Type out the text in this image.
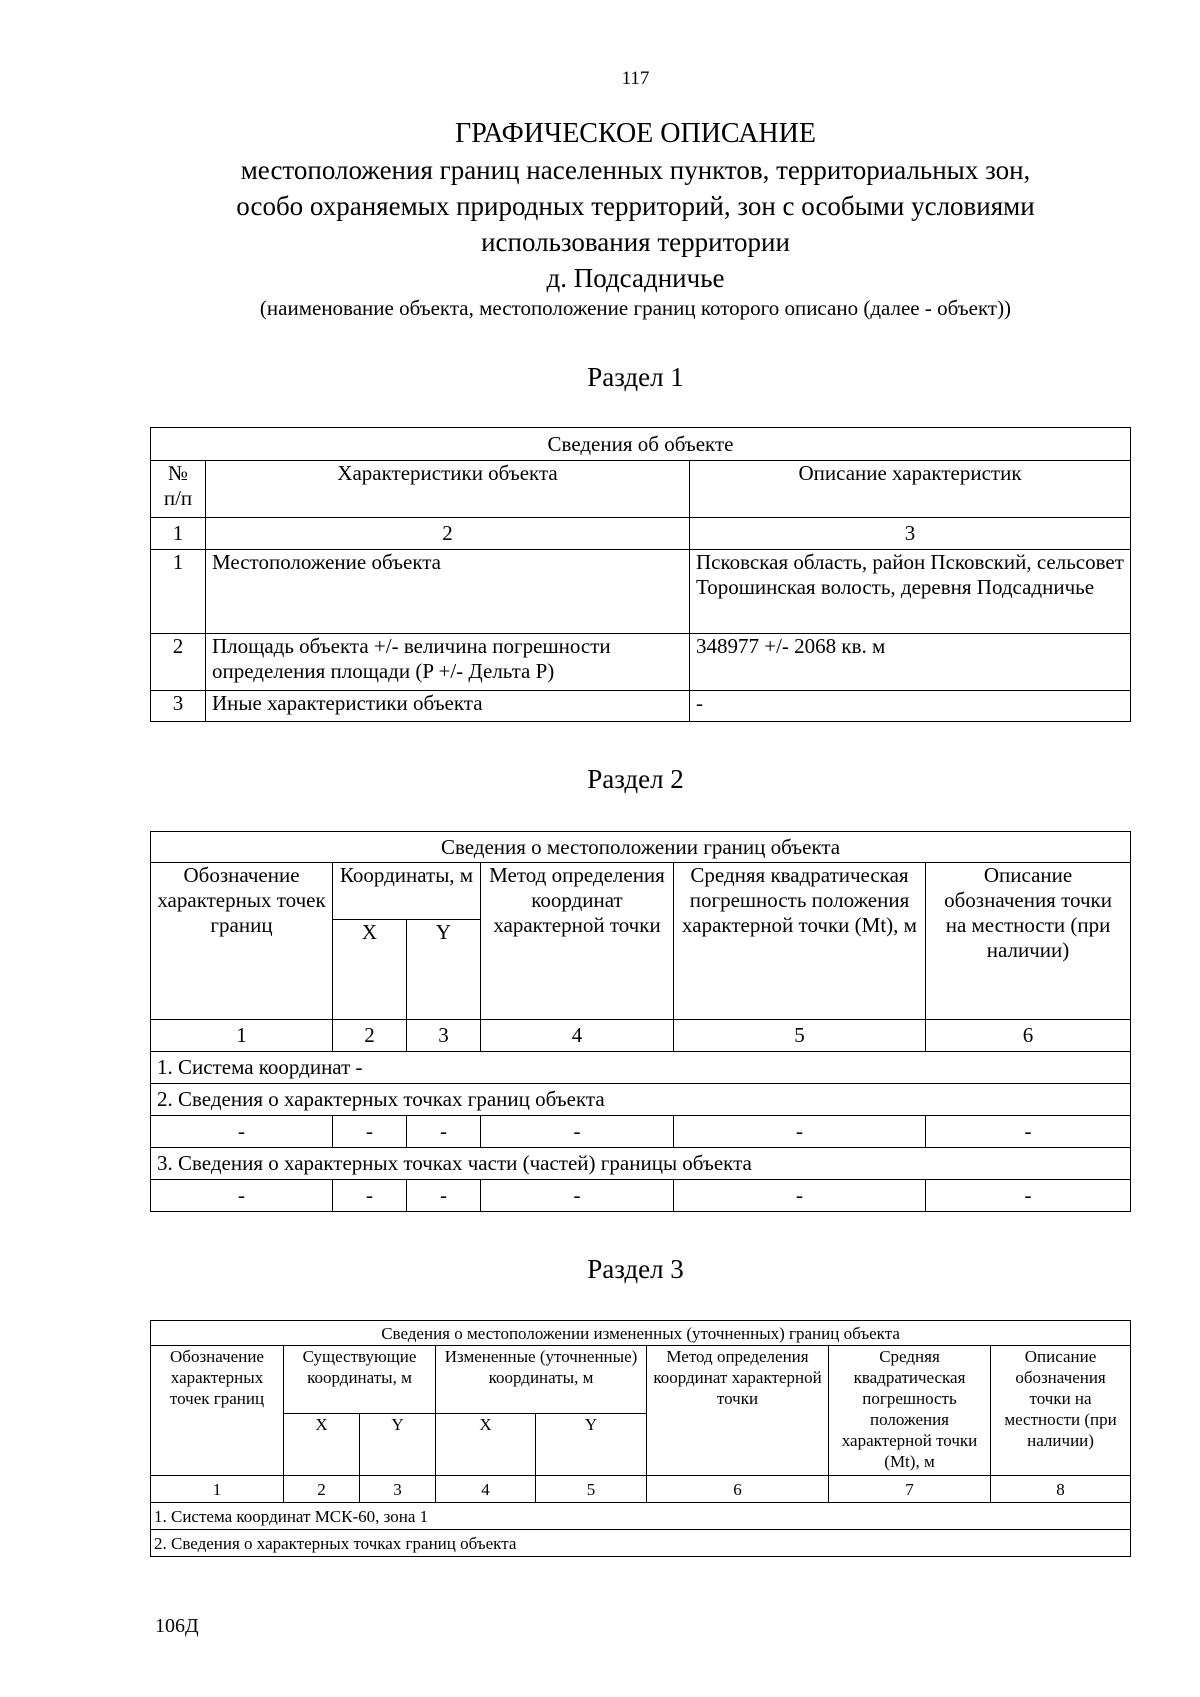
117
ГРАФИЧЕСКОЕ ОПИСАНИЕ
местоположения границ населенных пунктов, территориальных зон,
особо охраняемых природных территорий, зон с особыми условиями
использования территории
д. Подсадничье
(наименование объекта, местоположение границ которого описано (далее - объект))
Раздел 1
Сведения об объекте		
№ п/п	Характеристики объекта	Описание характеристик
1	2	3
1	Местоположение объекта	Псковская область, район Псковский, сельсовет Торошинская волость, деревня Подсадничье
2	Площадь объекта +/- величина погрешности определения площади (P +/- Дельта P)	348977 +/- 2068 кв. м
3	Иные характеристики объекта	-
Раздел 2
Сведения о местоположении границ объекта					
Обозначение характерных точек границ	Координаты, м		Метод определения координат характерной точки	Средняя квадратическая погрешность положения характерной точки (Mt), м	Описание обозначения точки на местности (при наличии)
	X	Y			
1	2	3	4	5	6
1. Система координат -					
2. Сведения о характерных точках границ объекта					
-	-	-	-	-	-
3. Сведения о характерных точках части (частей) границы объекта					
-	-	-	-	-	-
Раздел 3
Сведения о местоположении измененных (уточненных) границ объекта							
Обозначение характерных точек границ	Существующие координаты, м		Измененные (уточненные) координаты, м		Метод определения координат характерной точки	Средняя квадратическая погрешность положения характерной точки (Mt), м	Описание обозначения точки на местности (при наличии)
	X	Y	X	Y			
1	2	3	4	5	6	7	8
1. Система координат МСК-60, зона 1							
2. Сведения о характерных точках границ объекта							
106Д
